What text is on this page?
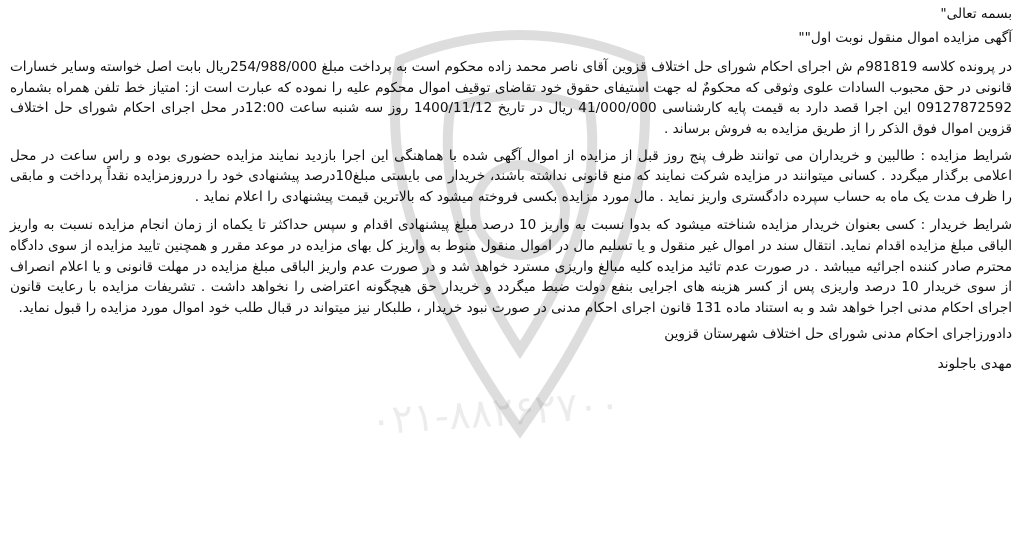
بسمه تعالی"
آگهی مزایده اموال منقول نوبت اول""

در پرونده کلاسه 981819م ش اجرای احکام شورای حل اختلاف قزوین آقای ناصر محمد زاده محکوم است به پرداخت مبلغ 254/988/000ریال بابت اصل خواسته وسایر خسارات قانونی در حق محبوب السادات علوی وثوقی که محکومٌ له جهت استیفای حقوق خود تقاضای توقیف اموال محکوم علیه را نموده که عبارت است از: امتیاز خط تلفن همراه بشماره 09127872592 این اجرا قصد دارد به قیمت پایه کارشناسی 41/000/000 ریال در تاریخ 1400/11/12 روز سه شنبه ساعت 12:00در محل اجرای احکام شورای حل اختلاف قزوین اموال فوق الذکر را از طریق مزایده به فروش برساند .

شرایط مزایده : طالبین و خریداران می توانند ظرف پنج روز قبل از مزایده از اموال آگهی شده با هماهنگی این اجرا بازدید نمایند مزایده حضوری بوده و راس ساعت در محل اعلامی برگذار میگردد . کسانی میتوانند در مزایده شرکت نمایند که منع قانونی نداشته باشند، خریدار می بایستی مبلغ10درصد پیشنهادی خود را درروزمزایده نقداً پرداخت و مابقی را ظرف مدت یک ماه به حساب سپرده دادگستری واریز نماید . مال مورد مزایده بکسی فروخته میشود که بالاترین قیمت پیشنهادی را اعلام نماید .

شرایط خریدار : کسی بعنوان خریدار مزایده شناخته میشود که بدوا نسبت به واریز 10 درصد مبلغ پیشنهادی اقدام و سپس حداکثر تا یکماه از زمان انجام مزایده نسبت به واریز الباقی مبلغ مزایده اقدام نماید. انتقال سند در اموال غیر منقول و یا تسلیم مال در اموال منقول منوط به واریز کل بهای مزایده در موعد مقرر و همچنین تایید مزایده از سوی دادگاه محترم صادر کننده اجرائیه میباشد . در صورت عدم تائید مزایده کلیه مبالغ واریزی مسترد خواهد شد و در صورت عدم واریز الباقی مبلغ مزایده در مهلت قانونی و یا اعلام انصراف از سوی خریدار 10 درصد واریزی پس از کسر هزینه های اجرایی بنفع دولت ضبط میگردد و خریدار حق هیچگونه اعتراضی را نخواهد داشت . تشریفات مزایده با رعایت قانون اجرای احکام مدنی اجرا خواهد شد و به استناد ماده 131 قانون اجرای احکام مدنی در صورت نبود خریدار ، طلبکار نیز میتواند در قبال طلب خود اموال مورد مزایده را قبول نماید.

دادورزاجرای احکام مدنی شورای حل اختلاف شهرستان قزوین
مهدی باجلوند
۰۲۱-۸۸۲۶۲۷۰۰
